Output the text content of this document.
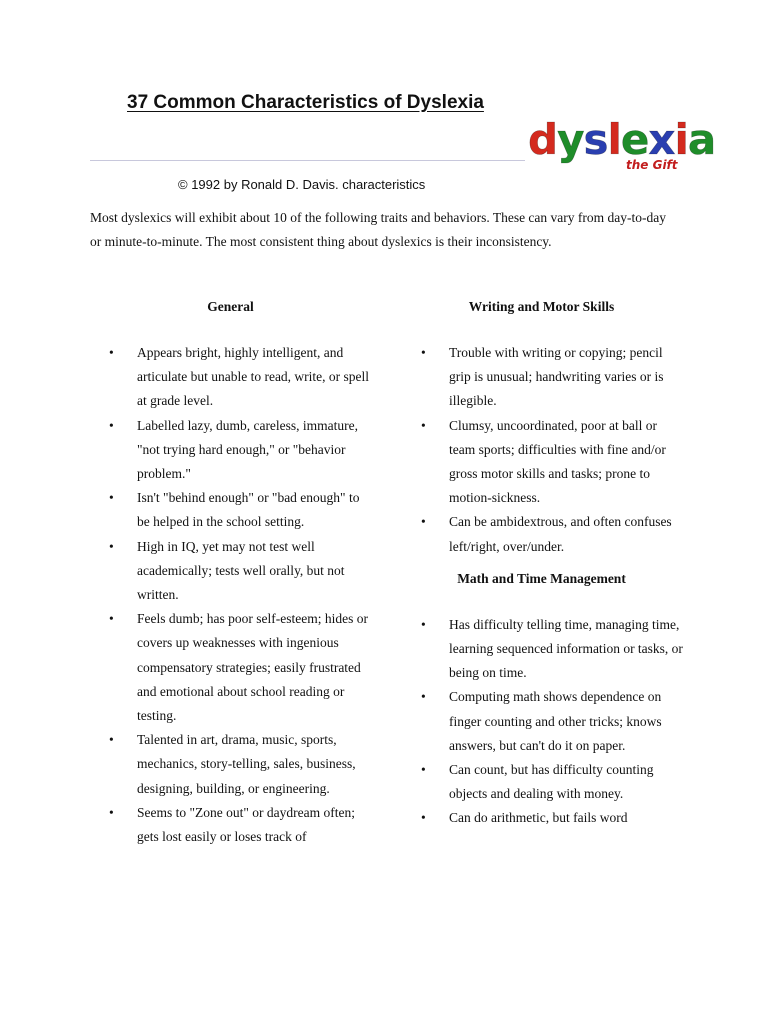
37 Common Characteristics of Dyslexia
dyslexia
the Gift
© 1992 by Ronald D. Davis. characteristics

Most dyslexics will exhibit about 10 of the following traits and behaviors. These can vary from day-to-day or minute-to-minute. The most consistent thing about dyslexics is their inconsistency.

General
• Appears bright, highly intelligent, and articulate but unable to read, write, or spell at grade level.
• Labelled lazy, dumb, careless, immature, "not trying hard enough," or "behavior problem."
• Isn't "behind enough" or "bad enough" to be helped in the school setting.
• High in IQ, yet may not test well academically; tests well orally, but not written.
• Feels dumb; has poor self-esteem; hides or covers up weaknesses with ingenious compensatory strategies; easily frustrated and emotional about school reading or testing.
• Talented in art, drama, music, sports, mechanics, story-telling, sales, business, designing, building, or engineering.
• Seems to "Zone out" or daydream often; gets lost easily or loses track of
Writing and Motor Skills
• Trouble with writing or copying; pencil grip is unusual; handwriting varies or is illegible.
• Clumsy, uncoordinated, poor at ball or team sports; difficulties with fine and/or gross motor skills and tasks; prone to motion-sickness.
• Can be ambidextrous, and often confuses left/right, over/under.
Math and Time Management
• Has difficulty telling time, managing time, learning sequenced information or tasks, or being on time.
• Computing math shows dependence on finger counting and other tricks; knows answers, but can't do it on paper.
• Can count, but has difficulty counting objects and dealing with money.
• Can do arithmetic, but fails word
